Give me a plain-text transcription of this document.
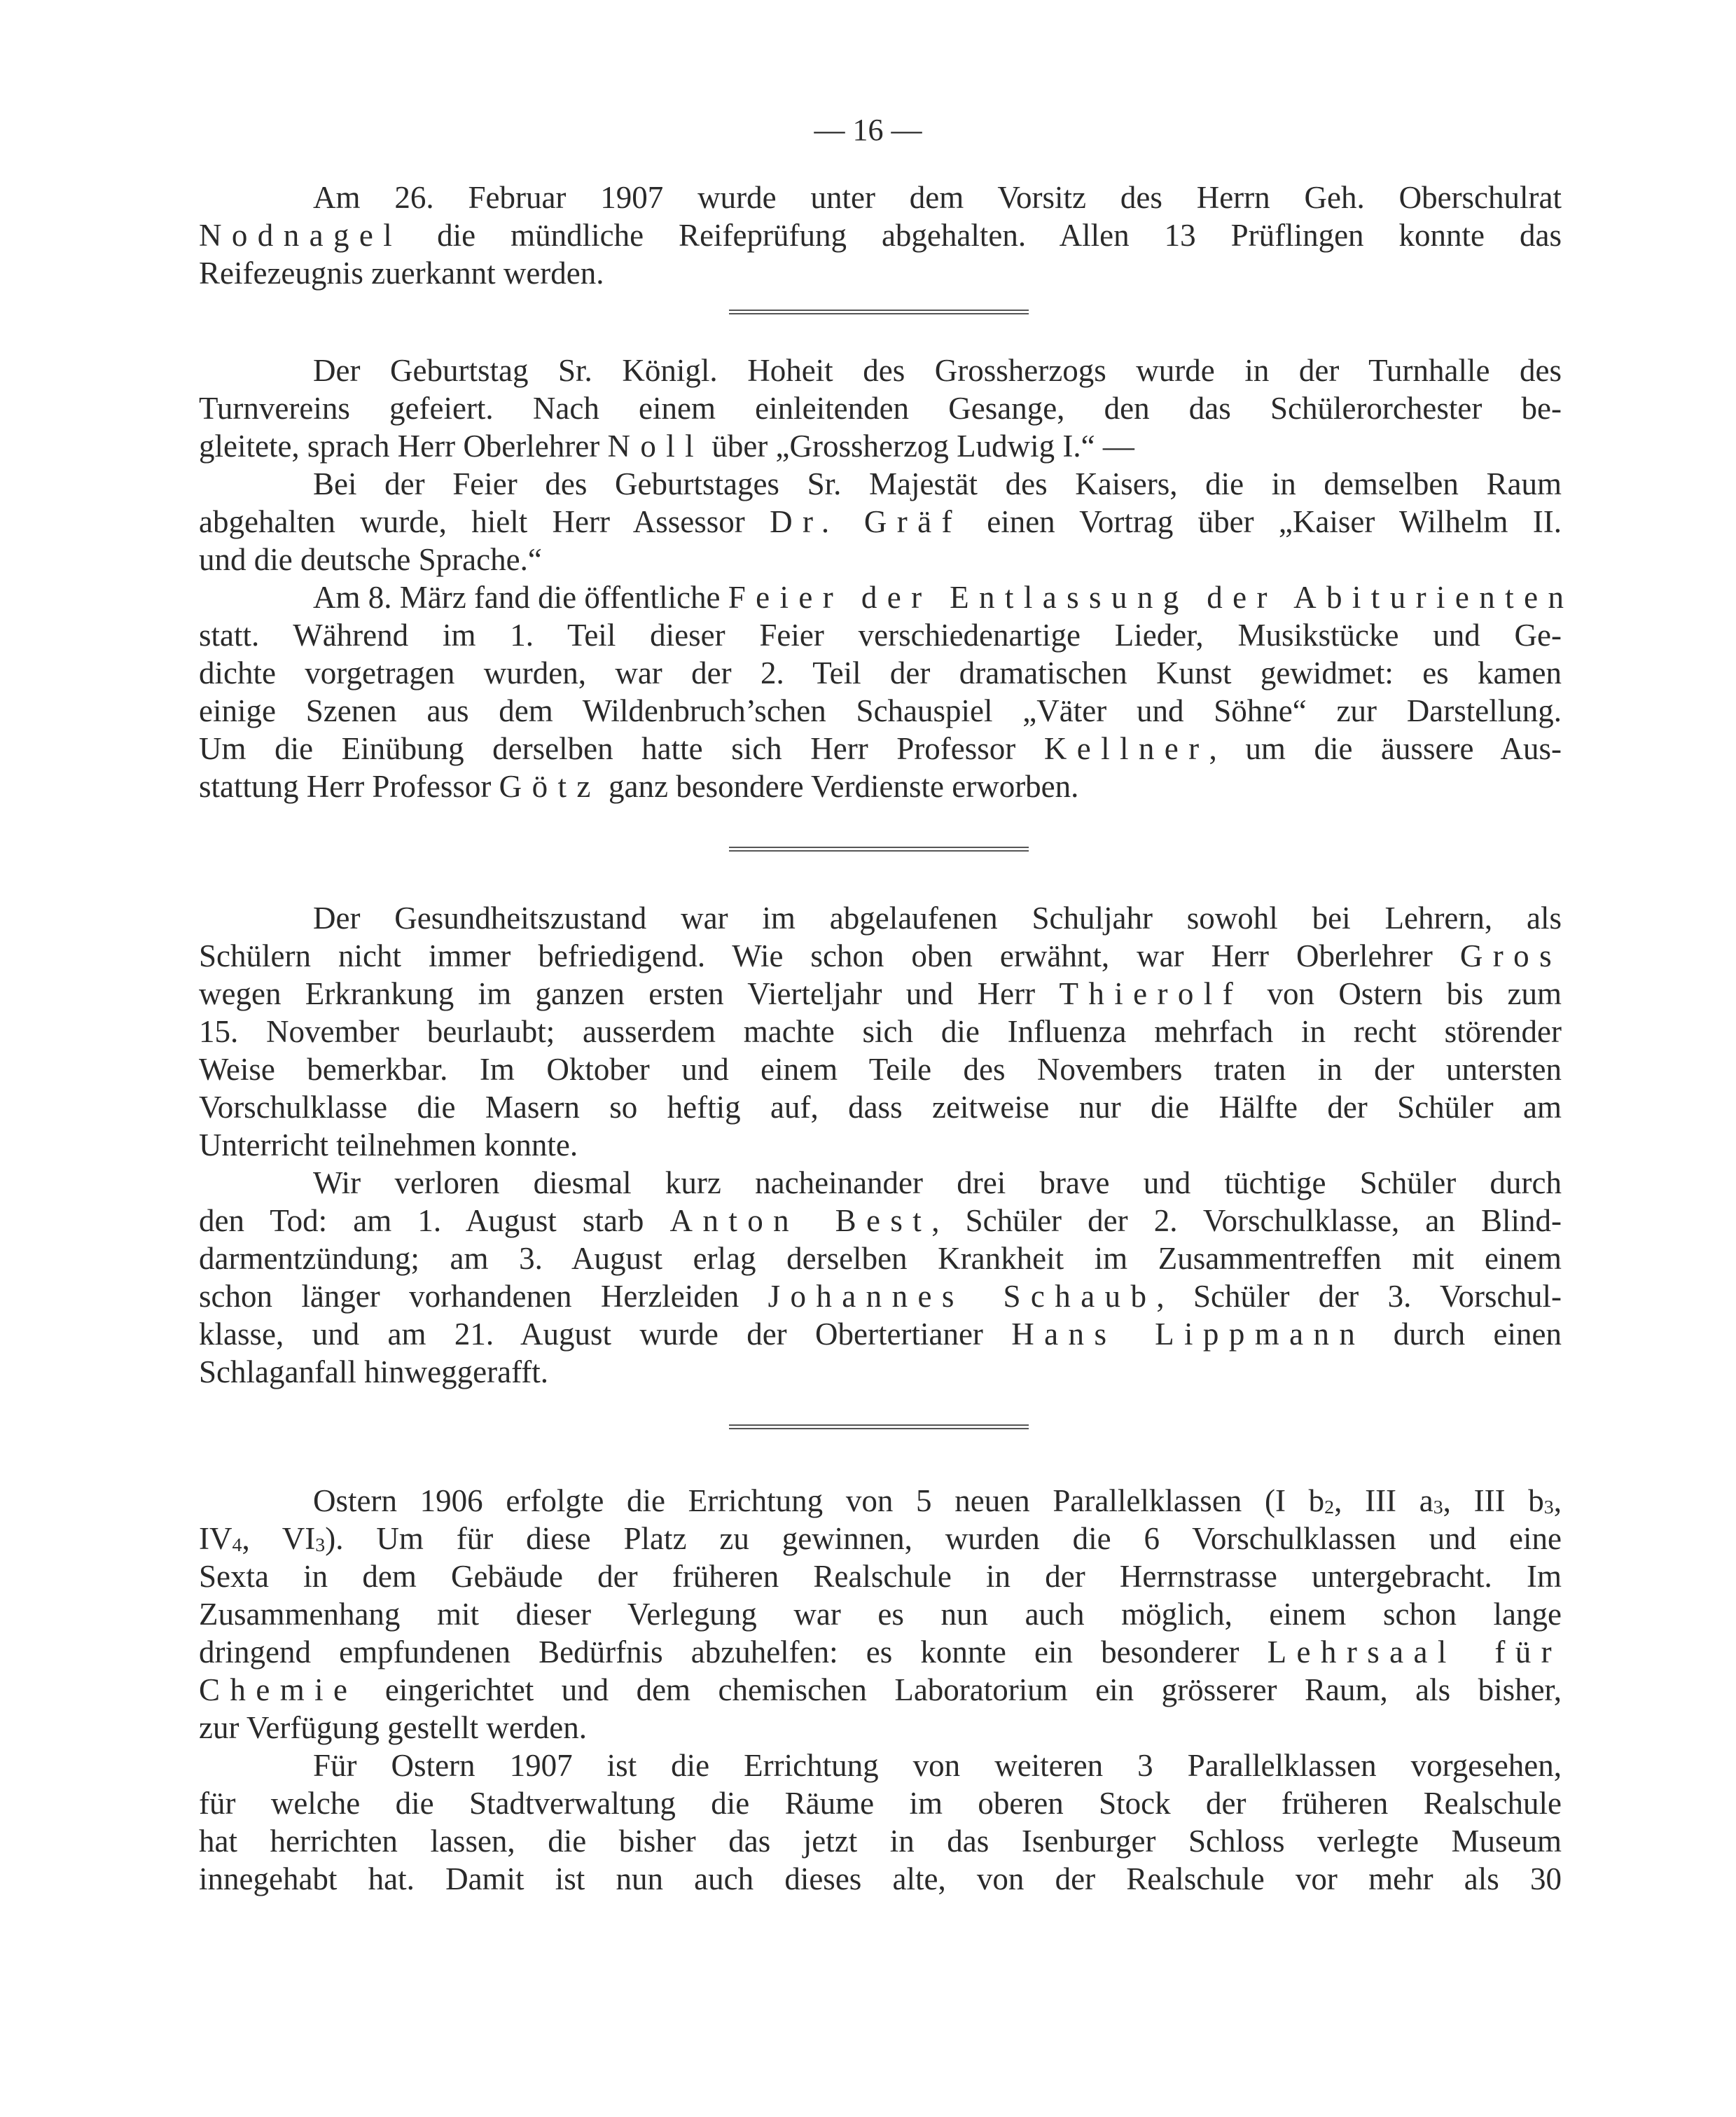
— 16 —
Am 26. Februar 1907 wurde unter dem Vorsitz des Herrn Geh. Oberschulrat
Nodnagel die mündliche Reifeprüfung abgehalten. Allen 13 Prüflingen konnte das
Reifezeugnis zuerkannt werden.
Der Geburtstag Sr. Königl. Hoheit des Grossherzogs wurde in der Turnhalle des
Turnvereins gefeiert. Nach einem einleitenden Gesange, den das Schülerorchester be-
gleitete, sprach Herr Oberlehrer Noll über „Grossherzog Ludwig I.“ —
Bei der Feier des Geburtstages Sr. Majestät des Kaisers, die in demselben Raum
abgehalten wurde, hielt Herr Assessor Dr. Gräf einen Vortrag über „Kaiser Wilhelm II.
und die deutsche Sprache.“
Am 8. März fand die öffentliche Feier der Entlassung der Abiturienten
statt. Während im 1. Teil dieser Feier verschiedenartige Lieder, Musikstücke und Ge-
dichte vorgetragen wurden, war der 2. Teil der dramatischen Kunst gewidmet: es kamen
einige Szenen aus dem Wildenbruch’schen Schauspiel „Väter und Söhne“ zur Darstellung.
Um die Einübung derselben hatte sich Herr Professor Kellner, um die äussere Aus-
stattung Herr Professor Götz ganz besondere Verdienste erworben.
Der Gesundheitszustand war im abgelaufenen Schuljahr sowohl bei Lehrern, als
Schülern nicht immer befriedigend. Wie schon oben erwähnt, war Herr Oberlehrer Gros
wegen Erkrankung im ganzen ersten Vierteljahr und Herr Thierolf von Ostern bis zum
15. November beurlaubt; ausserdem machte sich die Influenza mehrfach in recht störender
Weise bemerkbar. Im Oktober und einem Teile des Novembers traten in der untersten
Vorschulklasse die Masern so heftig auf, dass zeitweise nur die Hälfte der Schüler am
Unterricht teilnehmen konnte.
Wir verloren diesmal kurz nacheinander drei brave und tüchtige Schüler durch
den Tod: am 1. August starb Anton Best, Schüler der 2. Vorschulklasse, an Blind-
darmentzündung; am 3. August erlag derselben Krankheit im Zusammentreffen mit einem
schon länger vorhandenen Herzleiden Johannes Schaub, Schüler der 3. Vorschul-
klasse, und am 21. August wurde der Obertertianer Hans Lippmann durch einen
Schlaganfall hinweggerafft.
Ostern 1906 erfolgte die Errichtung von 5 neuen Parallelklassen (I b2, III a3, III b3,
IV4, VI3). Um für diese Platz zu gewinnen, wurden die 6 Vorschulklassen und eine
Sexta in dem Gebäude der früheren Realschule in der Herrnstrasse untergebracht. Im
Zusammenhang mit dieser Verlegung war es nun auch möglich, einem schon lange
dringend empfundenen Bedürfnis abzuhelfen: es konnte ein besonderer Lehrsaal für
Chemie eingerichtet und dem chemischen Laboratorium ein grösserer Raum, als bisher,
zur Verfügung gestellt werden.
Für Ostern 1907 ist die Errichtung von weiteren 3 Parallelklassen vorgesehen,
für welche die Stadtverwaltung die Räume im oberen Stock der früheren Realschule
hat herrichten lassen, die bisher das jetzt in das Isenburger Schloss verlegte Museum
innegehabt hat. Damit ist nun auch dieses alte, von der Realschule vor mehr als 30
